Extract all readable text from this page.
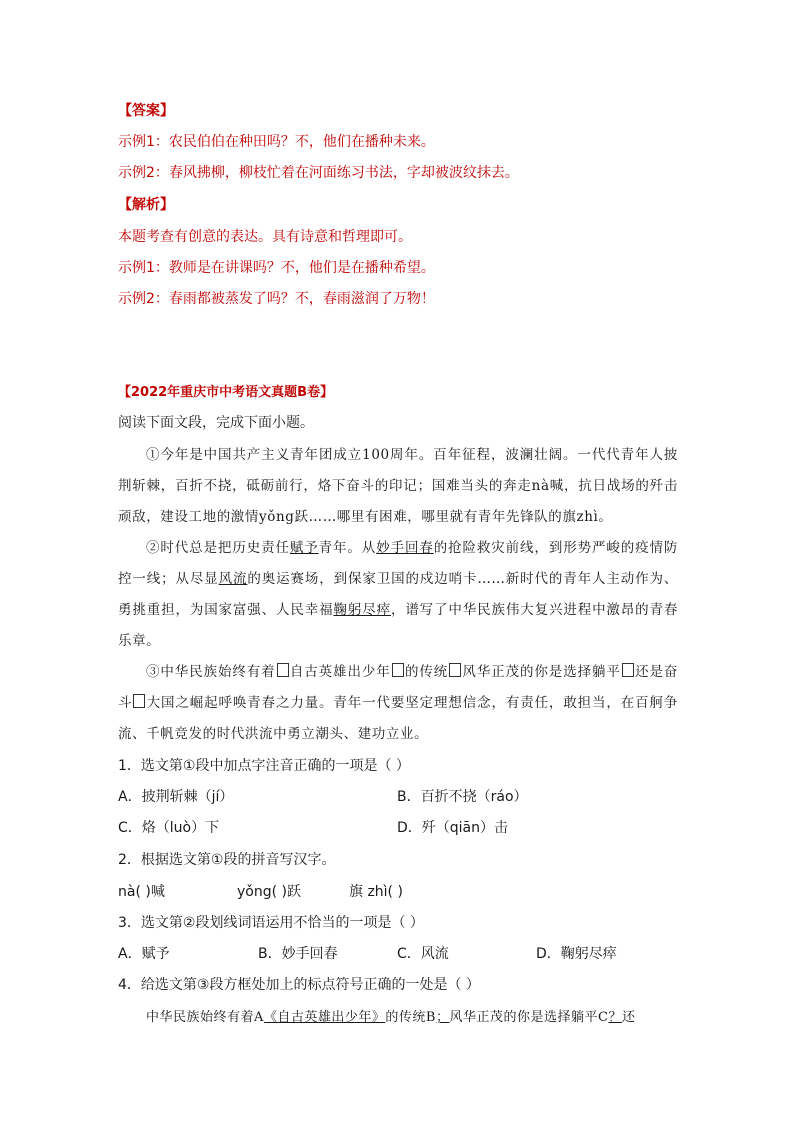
【答案】
示例1：农民伯伯在种田吗？不，他们在播种未来。
示例2：春风拂柳，柳枝忙着在河面练习书法，字却被波纹抹去。
【解析】
本题考查有创意的表达。具有诗意和哲理即可。
示例1：教师是在讲课吗？不，他们是在播种希望。
示例2：春雨都被蒸发了吗？不，春雨滋润了万物！
【2022年重庆市中考语文真题B卷】
阅读下面文段，完成下面小题。
①今年是中国共产主义青年团成立100周年。百年征程，波澜壮阔。一代代青年人披荆斩棘，百折不挠，砥砺前行，烙下奋斗的印记；国难当头的奔走nà喊，抗日战场的歼击顽敌，建设工地的激情yǒng跃……哪里有困难，哪里就有青年先锋队的旗zhì。
②时代总是把历史责任赋予青年。从妙手回春的抢险救灾前线，到形势严峻的疫情防控一线；从尽显风流的奥运赛场，到保家卫国的戍边哨卡……新时代的青年人主动作为、勇挑重担，为国家富强、人民幸福鞠躬尽瘁，谱写了中华民族伟大复兴进程中激昂的青春乐章。
③中华民族始终有着 自古英雄出少年 的传统 风华正茂的你是选择躺平 还是奋斗 大国之崛起呼唤青春之力量。青年一代要坚定理想信念，有责任，敢担当，在百舸争流、千帆竞发的时代洪流中勇立潮头、建功立业。
1．选文第①段中加点字注音正确的一项是（ ）
A．披荆斩棘（jí）	B．百折不挠（ráo）
C．烙（luò）下	D．歼（qiān）击
2．根据选文第①段的拼音写汉字。
nà( )喊	yǒng( )跃	旗 zhì( )
3．选文第②段划线词语运用不恰当的一项是（ ）
A．赋予	B．妙手回春	C．风流	D．鞠躬尽瘁
4．给选文第③段方框处加上的标点符号正确的一处是（ ）
中华民族始终有着A《自古英雄出少年》的传统B；风华正茂的你是选择躺平C？还
